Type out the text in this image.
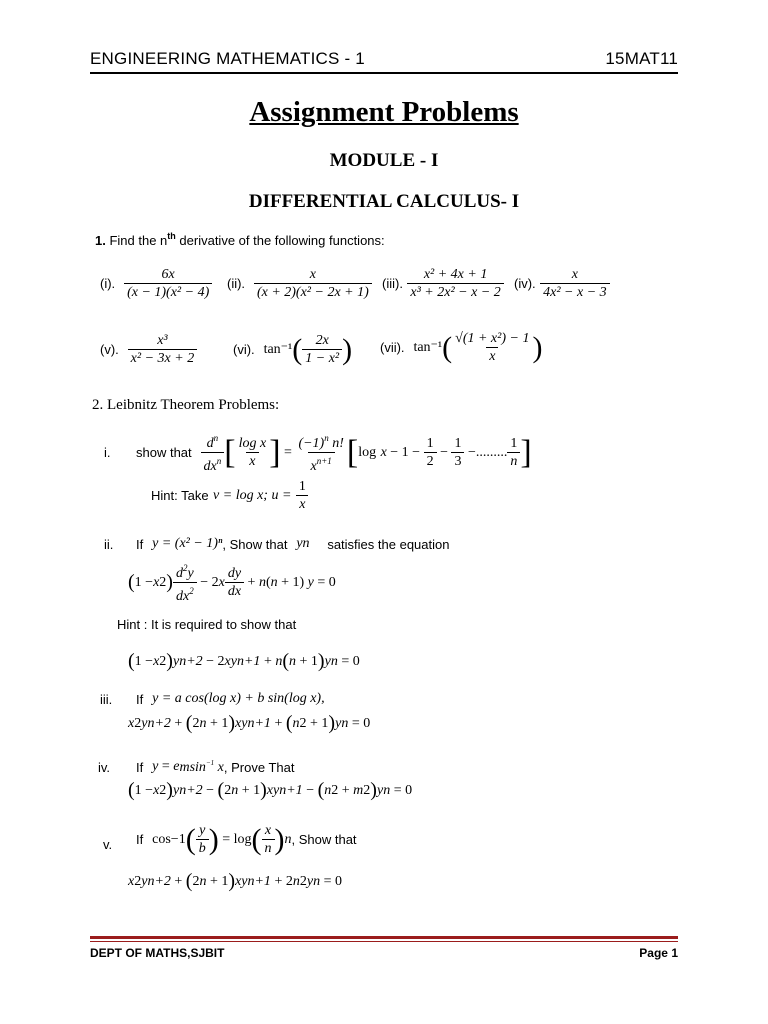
ENGINEERING MATHEMATICS - 1	15MAT11
Assignment Problems
MODULE - I
DIFFERENTIAL CALCULUS- I
1. Find the $n^{th}$ derivative of the following functions:
(i).
$\frac{6x}{\text{(x − 1)(x² − 4)}} (ii)$.
$\frac{x}{\text{(x + 2)(x² − 2x + 1)}} (iii)$.
$\frac{\text{x² + 4x + 1}}{\text{x³ + 2x² − x − 2}} (iv)$.
$\frac{x}{\text{4x² − x − 3}}$
(v).
$\frac{\text{x³}}{\text{x² − 3x + 2}}$	(vi).
tan⁻¹ ( $\frac{2x}{\text{1 − x²}}$ ) (vii).
tan⁻¹ ( $\frac{\text{√(1 + x²) − 1}}{x}$ )
2. Leibnitz Theorem Problems:
i. show that
$\frac{d^n}{dx^n}$ [ $\frac{\text{log x}}{x}$ ] = $\frac{(-1)^n n!}{x^{n+1}}$ [ log
$x - 1 - \frac{1}{2} - \frac{1}{3}$ −......... $\frac{1}{n}$ ]
Hint: Take
v = log x; u =
$\frac{1}{x}$
ii. If
y = (x² − 1)ⁿ , Show that
yn
satisfies the equation
( 1 − x 2 ) $\frac{d^2y}{dx^2} - 2$ x $\frac{dy}{dx} + n$ ( n + 1) y = 0
Hint : It is required to show that
( 1 − x 2 ) y n+2 − 2 xy n+1 + n ( n + 1 ) y n = 0
iii. If
y = a cos(log x) + b sin(log x),
x 2 y n+2 + ( 2 n + 1 ) xy n+1 + ( n 2 + 1 ) y n = 0
iv. If
y = e msin$^{-1}$ x , Prove That
( 1 − x 2 ) y n+2 − ( 2 n + 1 ) xy n+1 − ( n 2 + m 2 ) y n = 0
v. If
cos −1 ( $\frac{y}{b}$ ) = log ( $\frac{x}{n}$ ) n , Show that
x 2 y n+2 + ( 2 n + 1 ) xy n+1 + 2 n 2 y n = 0
DEPT OF MATHS,SJBIT	Page 1
